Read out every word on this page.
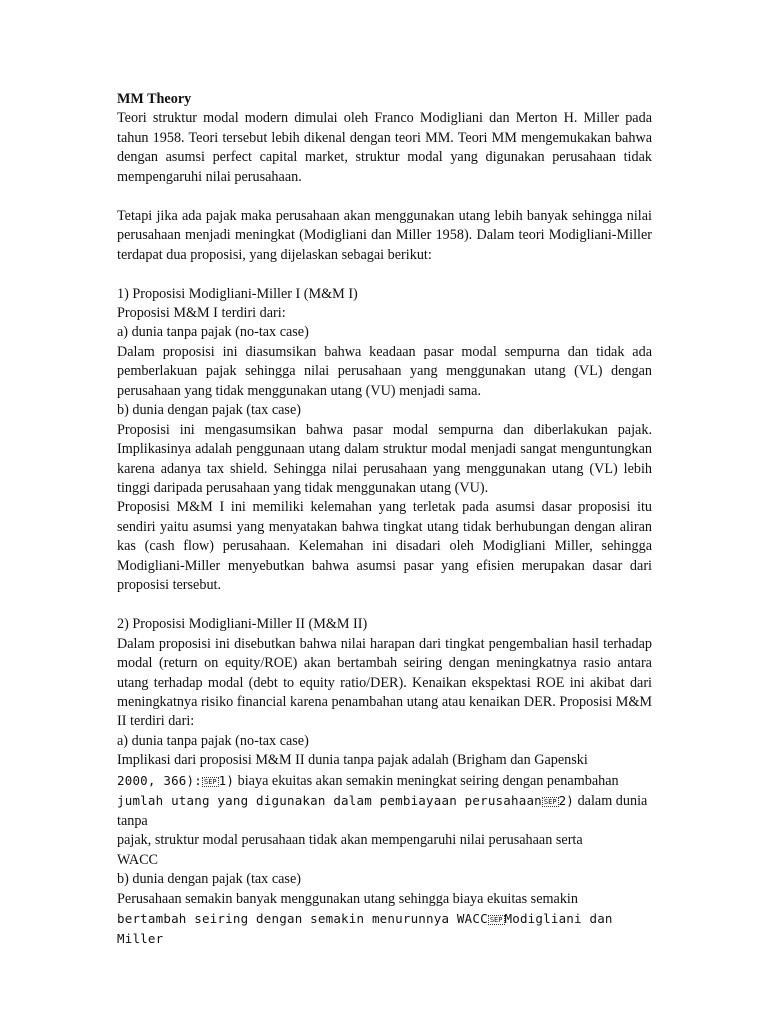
MM Theory

Teori struktur modal modern dimulai oleh Franco Modigliani dan Merton H. Miller pada tahun 1958. Teori tersebut lebih dikenal dengan teori MM. Teori MM mengemukakan bahwa dengan asumsi perfect capital market, struktur modal yang digunakan perusahaan tidak mempengaruhi nilai perusahaan.

Tetapi jika ada pajak maka perusahaan akan menggunakan utang lebih banyak sehingga nilai perusahaan menjadi meningkat (Modigliani dan Miller 1958). Dalam teori Modigliani-Miller terdapat dua proposisi, yang dijelaskan sebagai berikut:

1) Proposisi Modigliani-Miller I (M&M I)

Proposisi M&M I terdiri dari:

a) dunia tanpa pajak (no-tax case)

Dalam proposisi ini diasumsikan bahwa keadaan pasar modal sempurna dan tidak ada pemberlakuan pajak sehingga nilai perusahaan yang menggunakan utang (VL) dengan perusahaan yang tidak menggunakan utang (VU) menjadi sama.

b) dunia dengan pajak (tax case)

Proposisi ini mengasumsikan bahwa pasar modal sempurna dan diberlakukan pajak. Implikasinya adalah penggunaan utang dalam struktur modal menjadi sangat menguntungkan karena adanya tax shield. Sehingga nilai perusahaan yang menggunakan utang (VL) lebih tinggi daripada perusahaan yang tidak menggunakan utang (VU).

Proposisi M&M I ini memiliki kelemahan yang terletak pada asumsi dasar proposisi itu sendiri yaitu asumsi yang menyatakan bahwa tingkat utang tidak berhubungan dengan aliran kas (cash flow) perusahaan. Kelemahan ini disadari oleh Modigliani Miller, sehingga Modigliani-Miller menyebutkan bahwa asumsi pasar yang efisien merupakan dasar dari proposisi tersebut.

2) Proposisi Modigliani-Miller II (M&M II)

Dalam proposisi ini disebutkan bahwa nilai harapan dari tingkat pengembalian hasil terhadap modal (return on equity/ROE) akan bertambah seiring dengan meningkatnya rasio antara utang terhadap modal (debt to equity ratio/DER). Kenaikan ekspektasi ROE ini akibat dari meningkatnya risiko financial karena penambahan utang atau kenaikan DER. Proposisi M&M II terdiri dari:

a) dunia tanpa pajak (no-tax case)

Implikasi dari proposisi M&M II dunia tanpa pajak adalah (Brigham dan Gapenski

2000, 366): SEP 1) biaya ekuitas akan semakin meningkat seiring dengan penambahan

jumlah utang yang digunakan dalam pembiayaan perusahaan SEP 2) dalam dunia tanpa

pajak, struktur modal perusahaan tidak akan mempengaruhi nilai perusahaan serta

WACC

b) dunia dengan pajak (tax case)

Perusahaan semakin banyak menggunakan utang sehingga biaya ekuitas semakin

bertambah seiring dengan semakin menurunnya WACC SEP Modigliani dan Miller
